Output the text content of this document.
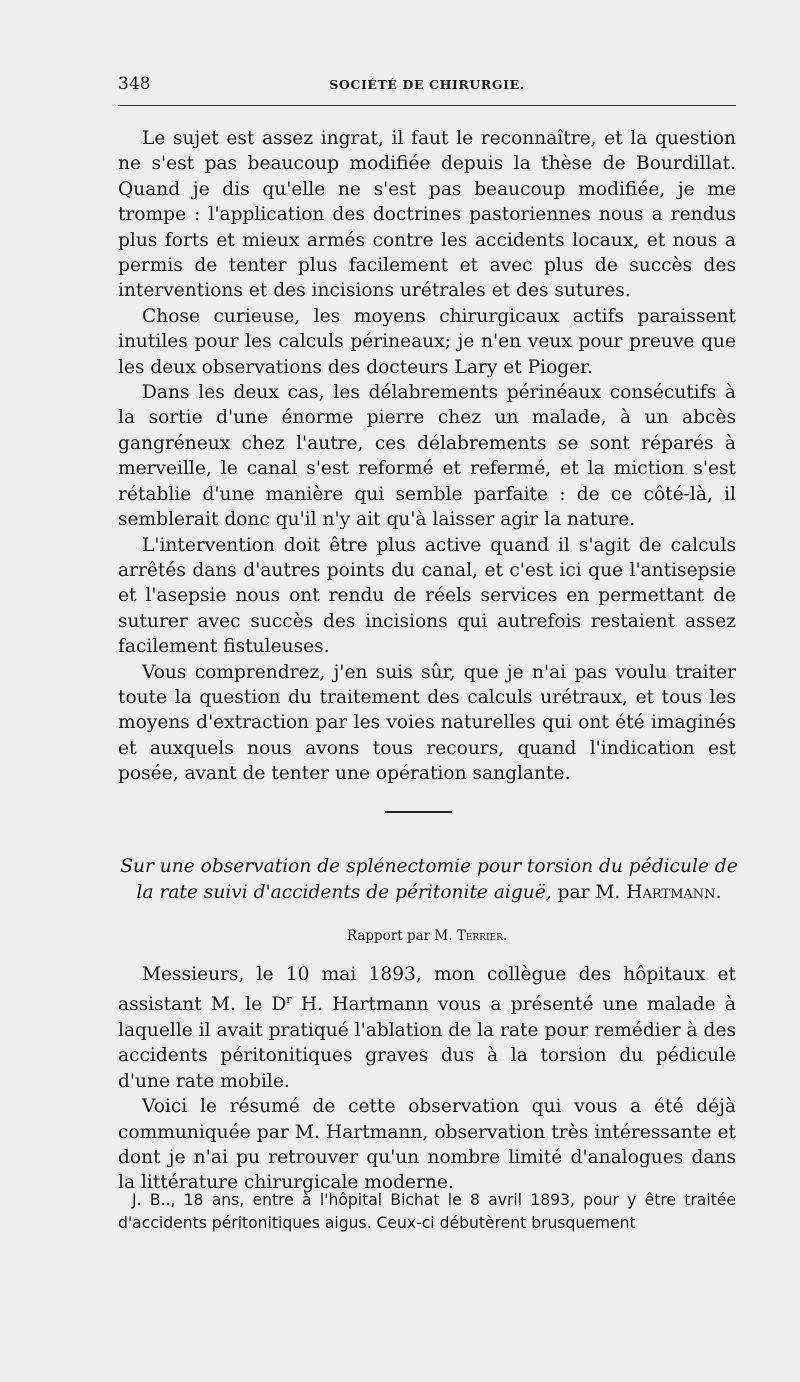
348	SOCIÉTÉ DE CHIRURGIE.

Le sujet est assez ingrat, il faut le reconnaître, et la question ne s'est pas beaucoup modifiée depuis la thèse de Bourdillat. Quand je dis qu'elle ne s'est pas beaucoup modifiée, je me trompe : l'application des doctrines pastoriennes nous a rendus plus forts et mieux armés contre les accidents locaux, et nous a permis de tenter plus facilement et avec plus de succès des interventions et des incisions urétrales et des sutures.

Chose curieuse, les moyens chirurgicaux actifs paraissent inutiles pour les calculs périneaux; je n'en veux pour preuve que les deux observations des docteurs Lary et Pioger.

Dans les deux cas, les délabrements périnéaux consécutifs à la sortie d'une énorme pierre chez un malade, à un abcès gangréneux chez l'autre, ces délabrements se sont réparés à merveille, le canal s'est reformé et refermé, et la miction s'est rétablie d'une manière qui semble parfaite : de ce côté-là, il semblerait donc qu'il n'y ait qu'à laisser agir la nature.

L'intervention doit être plus active quand il s'agit de calculs arrêtés dans d'autres points du canal, et c'est ici que l'antisepsie et l'asepsie nous ont rendu de réels services en permettant de suturer avec succès des incisions qui autrefois restaient assez facilement fistuleuses.

Vous comprendrez, j'en suis sûr, que je n'ai pas voulu traiter toute la question du traitement des calculs urétraux, et tous les moyens d'extraction par les voies naturelles qui ont été imaginés et auxquels nous avons tous recours, quand l'indication est posée, avant de tenter une opération sanglante.

Sur une observation de splénectomie pour torsion du pédicule de la rate suivi d'accidents de péritonite aiguë, par M. Hartmann.
Rapport par M. Terrier.

Messieurs, le 10 mai 1893, mon collègue des hôpitaux et assistant M. le $D^r$ H. Hartmann vous a présenté une malade à laquelle il avait pratiqué l'ablation de la rate pour remédier à des accidents péritonitiques graves dus à la torsion du pédicule d'une rate mobile.

Voici le résumé de cette observation qui vous a été déjà communiquée par M. Hartmann, observation très intéressante et dont je n'ai pu retrouver qu'un nombre limité d'analogues dans la littérature chirurgicale moderne.

J. B.., 18 ans, entre à l'hôpital Bichat le 8 avril 1893, pour y être traitée d'accidents péritonitiques aigus. Ceux-ci débutèrent brusquement
